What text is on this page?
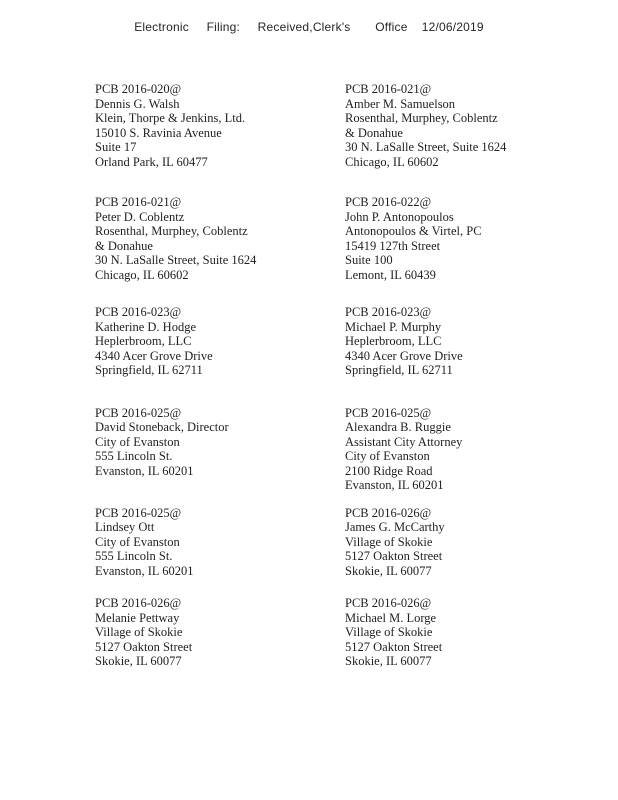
Electronic     Filing:     Received,Clerk's       Office    12/06/2019
PCB 2016-020@
Dennis G. Walsh
Klein, Thorpe & Jenkins, Ltd.
15010 S. Ravinia Avenue
Suite 17
Orland Park, IL 60477
PCB 2016-021@
Amber M. Samuelson
Rosenthal, Murphey, Coblentz
& Donahue
30 N. LaSalle Street, Suite 1624
Chicago, IL 60602
PCB 2016-021@
Peter D. Coblentz
Rosenthal, Murphey, Coblentz
& Donahue
30 N. LaSalle Street, Suite 1624
Chicago, IL 60602
PCB 2016-022@
John P. Antonopoulos
Antonopoulos & Virtel, PC
15419 127th Street
Suite 100
Lemont, IL 60439
PCB 2016-023@
Katherine D. Hodge
Heplerbroom, LLC
4340 Acer Grove Drive
Springfield, IL 62711
PCB 2016-023@
Michael P. Murphy
Heplerbroom, LLC
4340 Acer Grove Drive
Springfield, IL 62711
PCB 2016-025@
David Stoneback, Director
City of Evanston
555 Lincoln St.
Evanston, IL 60201
PCB 2016-025@
Alexandra B. Ruggie
Assistant City Attorney
City of Evanston
2100 Ridge Road
Evanston, IL 60201
PCB 2016-025@
Lindsey Ott
City of Evanston
555 Lincoln St.
Evanston, IL 60201
PCB 2016-026@
James G. McCarthy
Village of Skokie
5127 Oakton Street
Skokie, IL 60077
PCB 2016-026@
Melanie Pettway
Village of Skokie
5127 Oakton Street
Skokie, IL 60077
PCB 2016-026@
Michael M. Lorge
Village of Skokie
5127 Oakton Street
Skokie, IL 60077
